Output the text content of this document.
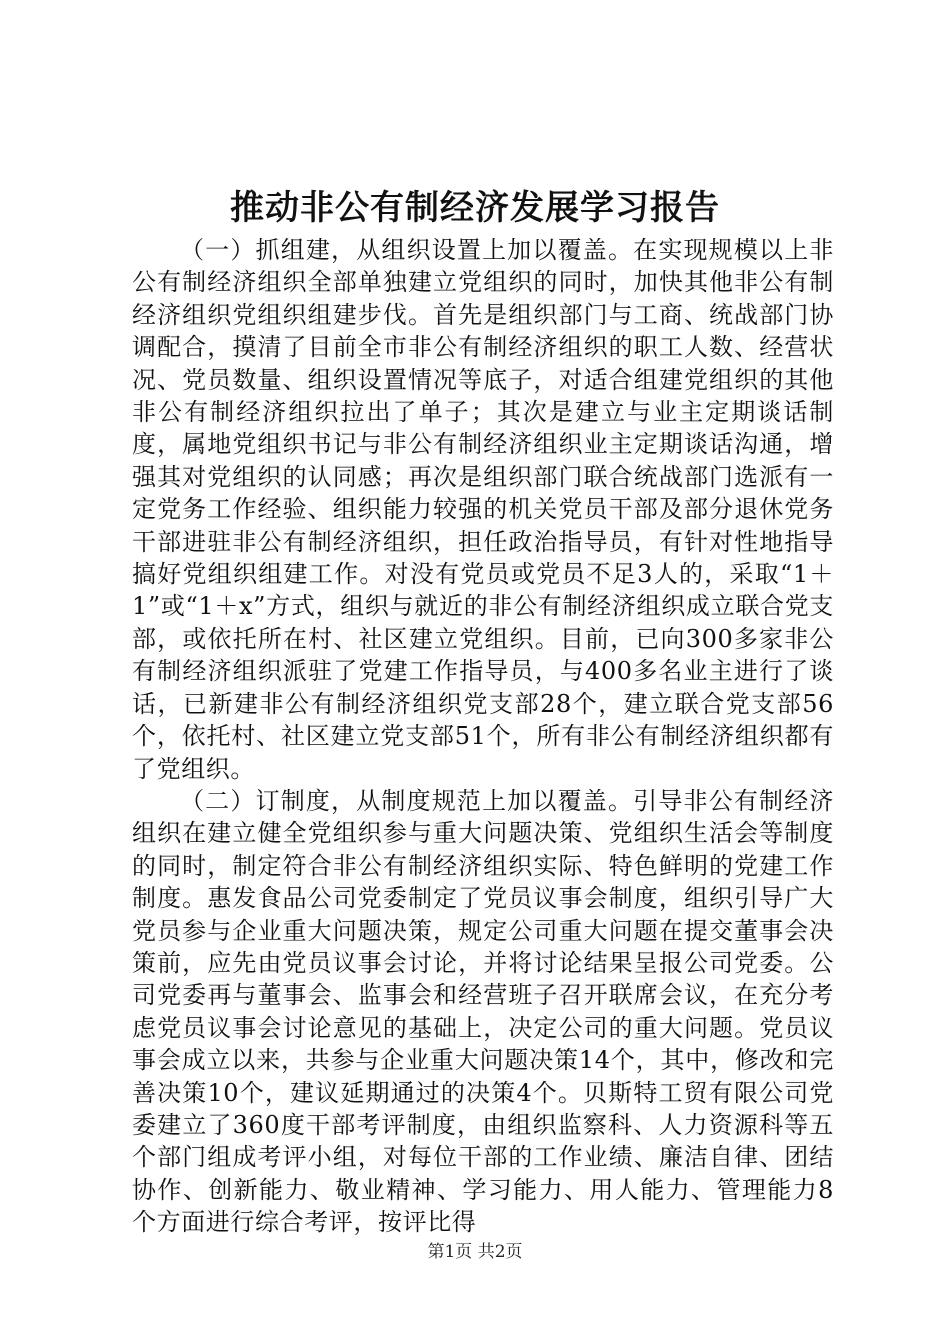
推动非公有制经济发展学习报告

（一）抓组建，从组织设置上加以覆盖。在实现规模以上非公有制经济组织全部单独建立党组织的同时，加快其他非公有制经济组织党组织组建步伐。首先是组织部门与工商、统战部门协调配合，摸清了目前全市非公有制经济组织的职工人数、经营状况、党员数量、组织设置情况等底子，对适合组建党组织的其他非公有制经济组织拉出了单子；其次是建立与业主定期谈话制度，属地党组织书记与非公有制经济组织业主定期谈话沟通，增强其对党组织的认同感；再次是组织部门联合统战部门选派有一定党务工作经验、组织能力较强的机关党员干部及部分退休党务干部进驻非公有制经济组织，担任政治指导员，有针对性地指导搞好党组织组建工作。对没有党员或党员不足3人的，采取“1＋1”或“1＋x”方式，组织与就近的非公有制经济组织成立联合党支部，或依托所在村、社区建立党组织。目前，已向300多家非公有制经济组织派驻了党建工作指导员，与400多名业主进行了谈话，已新建非公有制经济组织党支部28个，建立联合党支部56个，依托村、社区建立党支部51个，所有非公有制经济组织都有了党组织。

（二）订制度，从制度规范上加以覆盖。引导非公有制经济组织在建立健全党组织参与重大问题决策、党组织生活会等制度的同时，制定符合非公有制经济组织实际、特色鲜明的党建工作制度。惠发食品公司党委制定了党员议事会制度，组织引导广大党员参与企业重大问题决策，规定公司重大问题在提交董事会决策前，应先由党员议事会讨论，并将讨论结果呈报公司党委。公司党委再与董事会、监事会和经营班子召开联席会议，在充分考虑党员议事会讨论意见的基础上，决定公司的重大问题。党员议事会成立以来，共参与企业重大问题决策14个，其中，修改和完善决策10个，建议延期通过的决策4个。贝斯特工贸有限公司党委建立了360度干部考评制度，由组织监察科、人力资源科等五个部门组成考评小组，对每位干部的工作业绩、廉洁自律、团结协作、创新能力、敬业精神、学习能力、用人能力、管理能力8个方面进行综合考评，按评比得

第1页 共2页
